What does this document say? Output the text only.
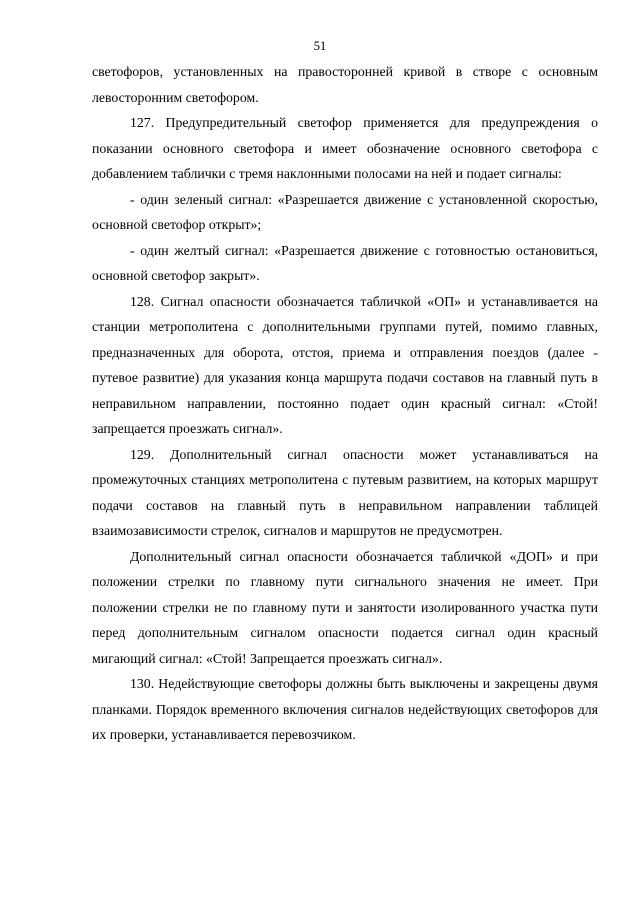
51

светофоров, установленных на правосторонней кривой в створе с основным левосторонним светофором.

127. Предупредительный светофор применяется для предупреждения о показании основного светофора и имеет обозначение основного светофора с добавлением таблички с тремя наклонными полосами на ней и подает сигналы:

- один зеленый сигнал: «Разрешается движение с установленной скоростью, основной светофор открыт»;

- один желтый сигнал: «Разрешается движение с готовностью остановиться, основной светофор закрыт».

128. Сигнал опасности обозначается табличкой «ОП» и устанавливается на станции метрополитена с дополнительными группами путей, помимо главных, предназначенных для оборота, отстоя, приема и отправления поездов (далее - путевое развитие) для указания конца маршрута подачи составов на главный путь в неправильном направлении, постоянно подает один красный сигнал: «Стой! запрещается проезжать сигнал».

129. Дополнительный сигнал опасности может устанавливаться на промежуточных станциях метрополитена с путевым развитием, на которых маршрут подачи составов на главный путь в неправильном направлении таблицей взаимозависимости стрелок, сигналов и маршрутов не предусмотрен.

Дополнительный сигнал опасности обозначается табличкой «ДОП» и при положении стрелки по главному пути сигнального значения не имеет. При положении стрелки не по главному пути и занятости изолированного участка пути перед дополнительным сигналом опасности подается сигнал один красный мигающий сигнал: «Стой! Запрещается проезжать сигнал».

130. Недействующие светофоры должны быть выключены и закрещены двумя планками. Порядок временного включения сигналов недействующих светофоров для их проверки, устанавливается перевозчиком.
